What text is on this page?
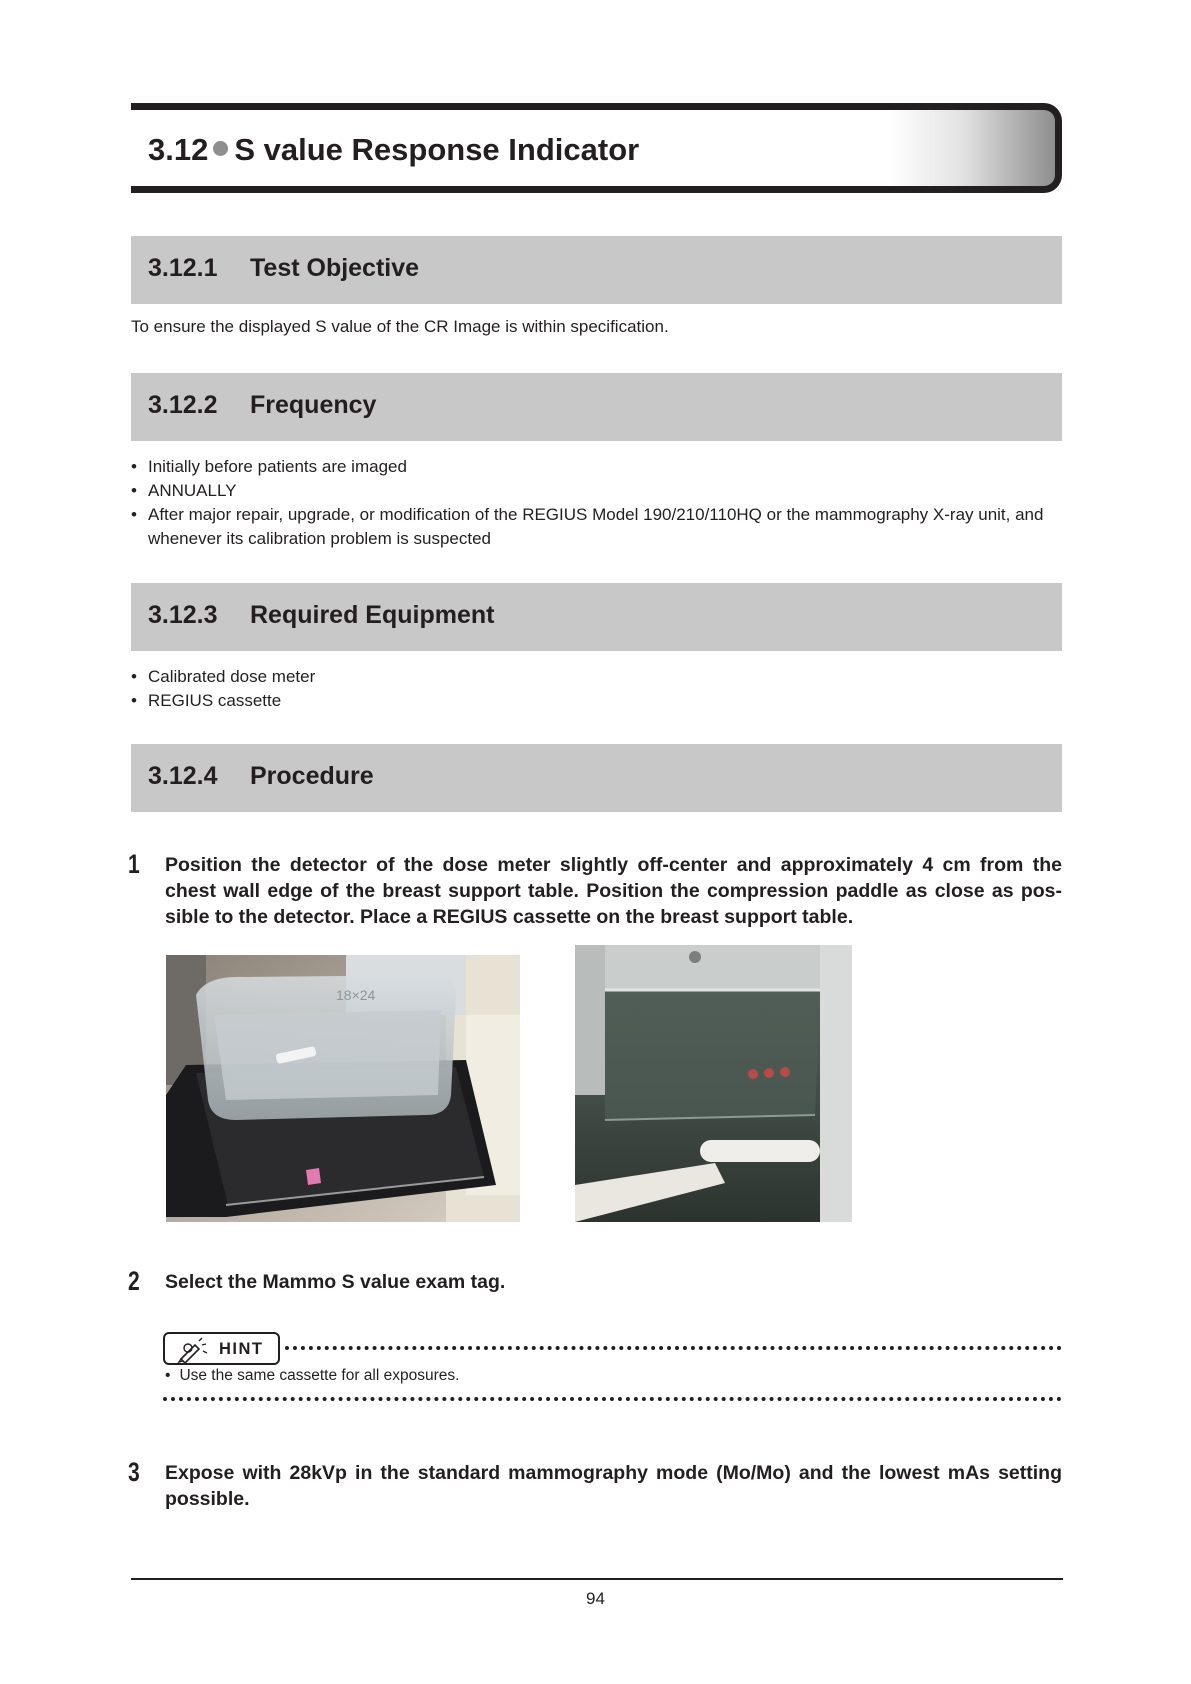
3.12 S value Response Indicator
3.12.1 Test Objective

To ensure the displayed S value of the CR Image is within specification.

3.12.2 Frequency
• Initially before patients are imaged
• ANNUALLY
• After major repair, upgrade, or modification of the REGIUS Model 190/210/110HQ or the mammography X-ray unit, and whenever its calibration problem is suspected
3.12.3 Required Equipment
• Calibrated dose meter
• REGIUS cassette
3.12.4 Procedure
1 Position the detector of the dose meter slightly off-center and approximately 4 cm from the chest wall edge of the breast support table. Position the compression paddle as close as pos-sible to the detector. Place a REGIUS cassette on the breast support table.

18×24
2 Select the Mammo S value exam tag.

HINT

• Use the same cassette for all exposures.

3 Expose with 28kVp in the standard mammography mode (Mo/Mo) and the lowest mAs setting possible.

94
